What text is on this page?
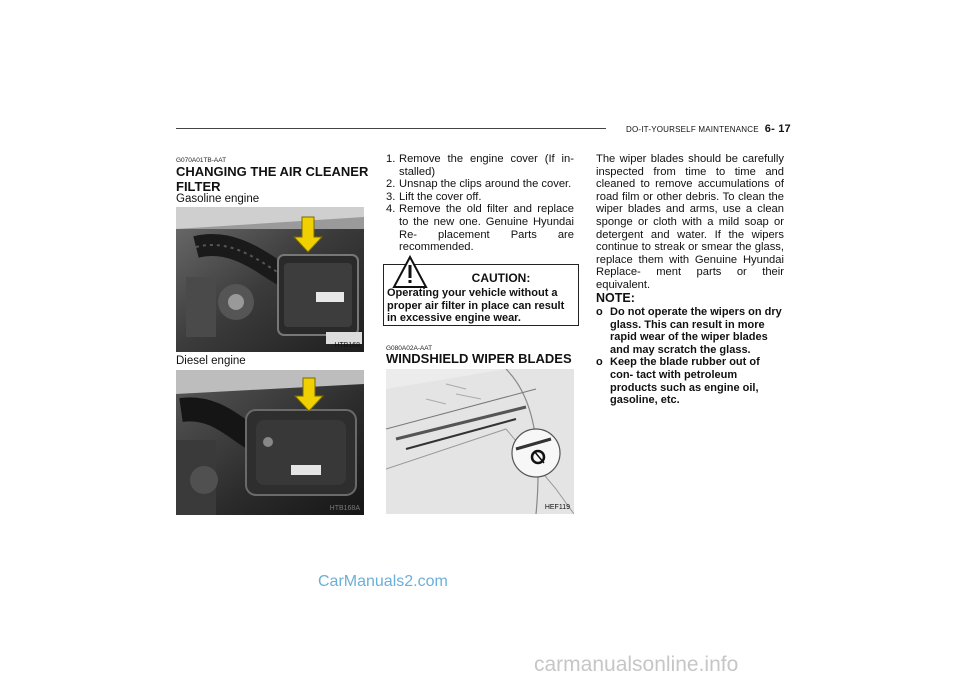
DO-IT-YOURSELF MAINTENANCE 6- 17
G070A01TB-AAT
CHANGING THE AIR CLEANER FILTER
Gasoline engine
HTB168
Diesel engine
HTB168A
1. Remove the engine cover (If in- stalled)
2. Unsnap the clips around the cover.
3. Lift the cover off.
4. Remove the old filter and replace to the new one. Genuine Hyundai Re- placement Parts are recommended.
CAUTION:
Operating your vehicle without a proper air filter in place can result in excessive engine wear.
G080A02A-AAT
WINDSHIELD WIPER BLADES
HEF119
The wiper blades should be carefully inspected from time to time and cleaned to remove accumulations of road film or other debris. To clean the wiper blades and arms, use a clean sponge or cloth with a mild soap or detergent and water. If the wipers continue to streak or smear the glass, replace them with Genuine Hyundai Replace- ment parts or their equivalent.
NOTE:
o Do not operate the wipers on dry glass. This can result in more rapid wear of the wiper blades and may scratch the glass.
o Keep the blade rubber out of con- tact with petroleum products such as engine oil, gasoline, etc.
CarManuals2.com
carmanualsonline.info
